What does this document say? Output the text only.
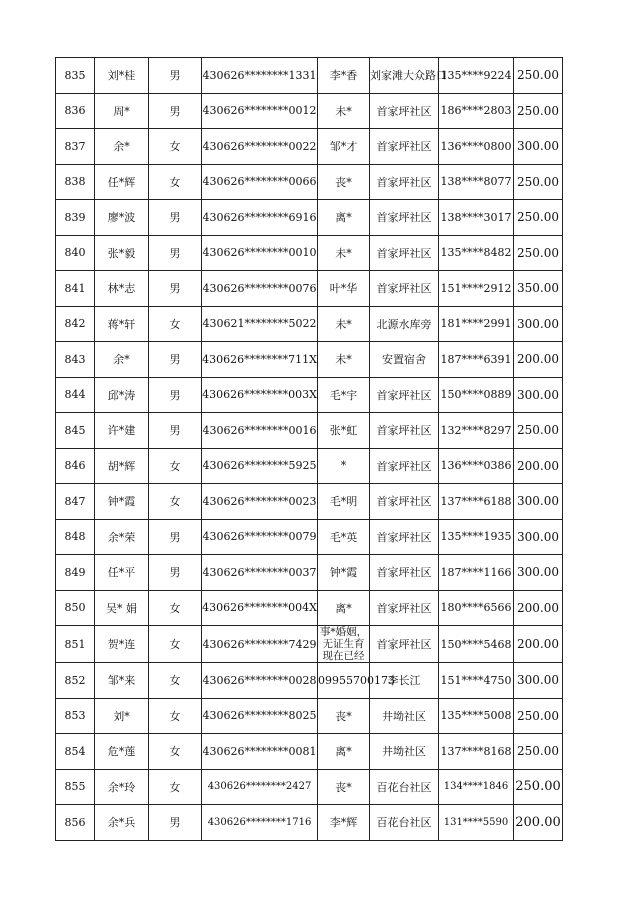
835	刘*桂	男	430626********1331	李*香	刘家滩大众路口	135****9224	250.00
836	周*	男	430626********0012	未*	首家坪社区	186****2803	250.00
837	余*	女	430626********0022	邹*才	首家坪社区	136****0800	300.00
838	任*辉	女	430626********0066	丧*	首家坪社区	138****8077	250.00
839	廖*波	男	430626********6916	离*	首家坪社区	138****3017	250.00
840	张*毅	男	430626********0010	未*	首家坪社区	135****8482	250.00
841	林*志	男	430626********0076	叶*华	首家坪社区	151****2912	350.00
842	蒋*轩	女	430621********5022	未*	北源水库旁	181****2991	300.00
843	余*	男	430626********711X	未*	安置宿舍	187****6391	200.00
844	邱*涛	男	430626********003X	毛*宇	首家坪社区	150****0889	300.00
845	许*建	男	430626********0016	张*虹	首家坪社区	132****8297	250.00
846	胡*辉	女	430626********5925	*	首家坪社区	136****0386	200.00
847	钟*霞	女	430626********0023	毛*明	首家坪社区	137****6188	300.00
848	余*荣	男	430626********0079	毛*英	首家坪社区	135****1935	300.00
849	任*平	男	430626********0037	钟*霞	首家坪社区	187****1166	300.00
850	吴* 娟	女	430626********004X	离*	首家坪社区	180****6566	200.00
851	贺*连	女	430626********7429	事*婚姻，无证生育现在已经	首家坪社区	150****5468	200.00
852	邹*来	女	430626********0028	09955700173	李长江	151****4750	300.00
853	刘*	女	430626********8025	丧*	井坳社区	135****5008	250.00
854	危*莲	女	430626********0081	离*	井坳社区	137****8168	250.00
855	余*玲	女	430626********2427	丧*	百花台社区	134****1846	250.00
856	余*兵	男	430626********1716	李*辉	百花台社区	131****5590	200.00
